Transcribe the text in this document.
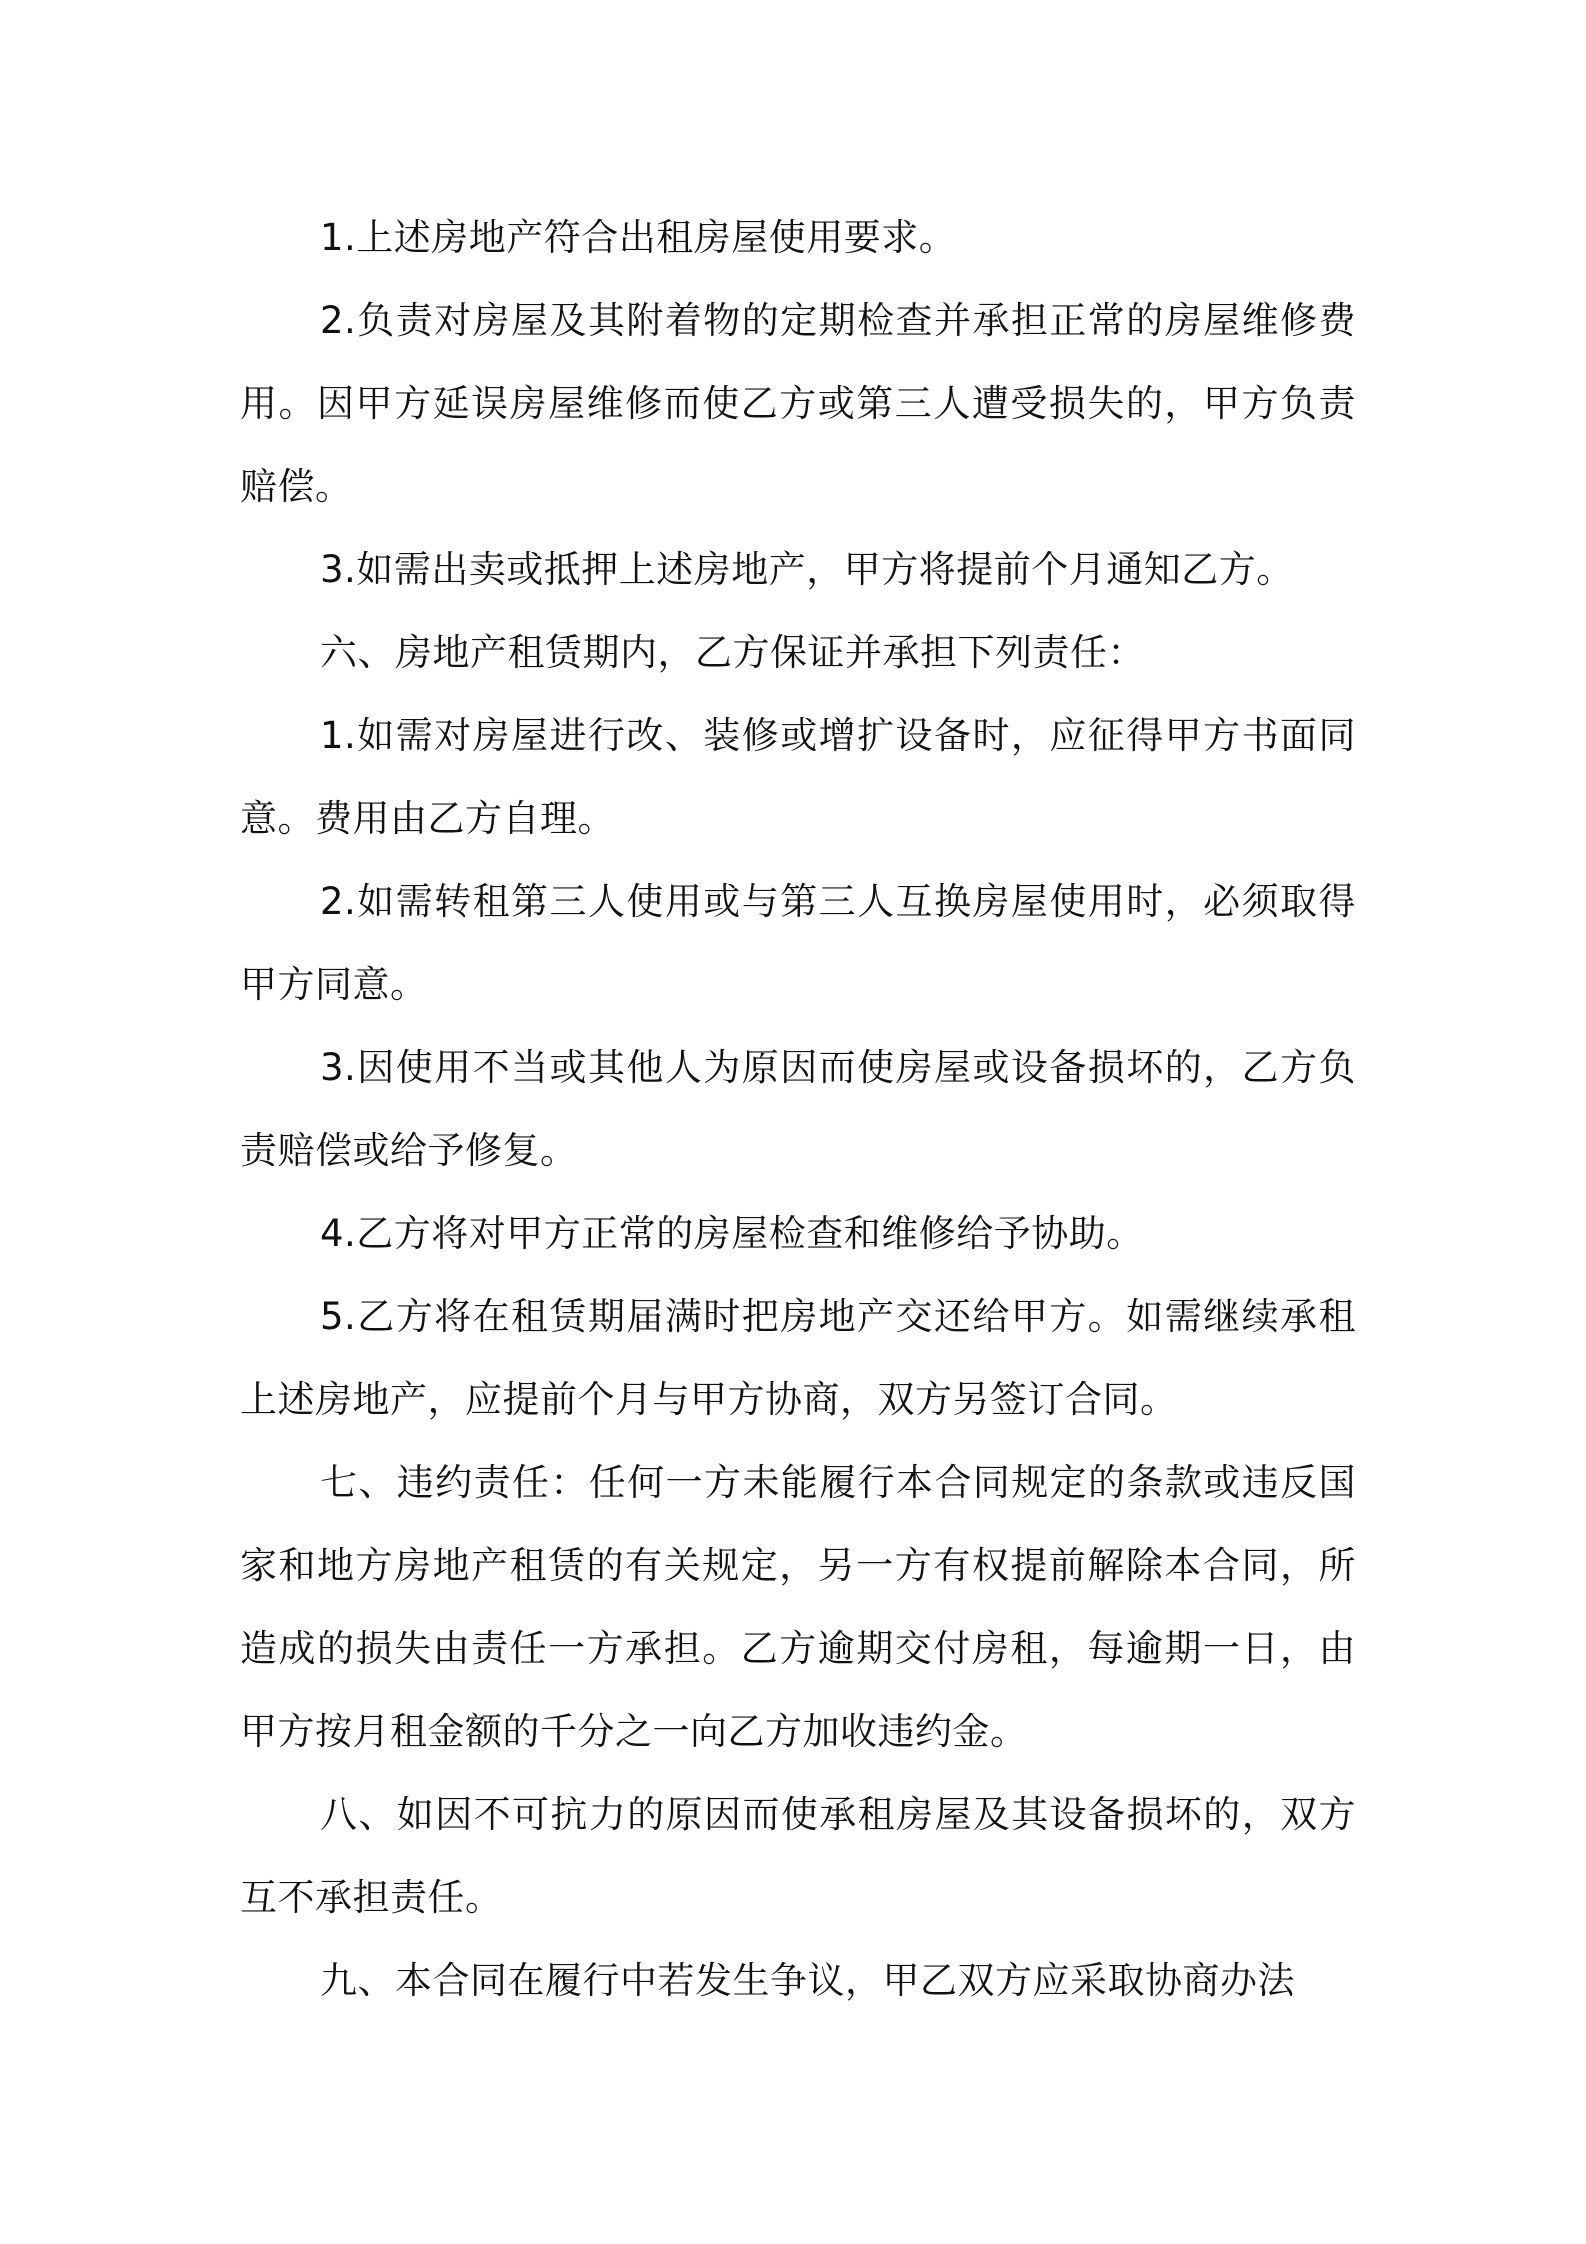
1.上述房地产符合出租房屋使用要求。

2.负责对房屋及其附着物的定期检查并承担正常的房屋维修费用。因甲方延误房屋维修而使乙方或第三人遭受损失的，甲方负责赔偿。

3.如需出卖或抵押上述房地产，甲方将提前个月通知乙方。

六、房地产租赁期内，乙方保证并承担下列责任：

1.如需对房屋进行改、装修或增扩设备时，应征得甲方书面同意。费用由乙方自理。

2.如需转租第三人使用或与第三人互换房屋使用时，必须取得甲方同意。

3.因使用不当或其他人为原因而使房屋或设备损坏的，乙方负责赔偿或给予修复。

4.乙方将对甲方正常的房屋检查和维修给予协助。

5.乙方将在租赁期届满时把房地产交还给甲方。如需继续承租上述房地产，应提前个月与甲方协商，双方另签订合同。

七、违约责任：任何一方未能履行本合同规定的条款或违反国家和地方房地产租赁的有关规定，另一方有权提前解除本合同，所造成的损失由责任一方承担。乙方逾期交付房租，每逾期一日，由甲方按月租金额的千分之一向乙方加收违约金。

八、如因不可抗力的原因而使承租房屋及其设备损坏的，双方互不承担责任。

九、本合同在履行中若发生争议，甲乙双方应采取协商办法
